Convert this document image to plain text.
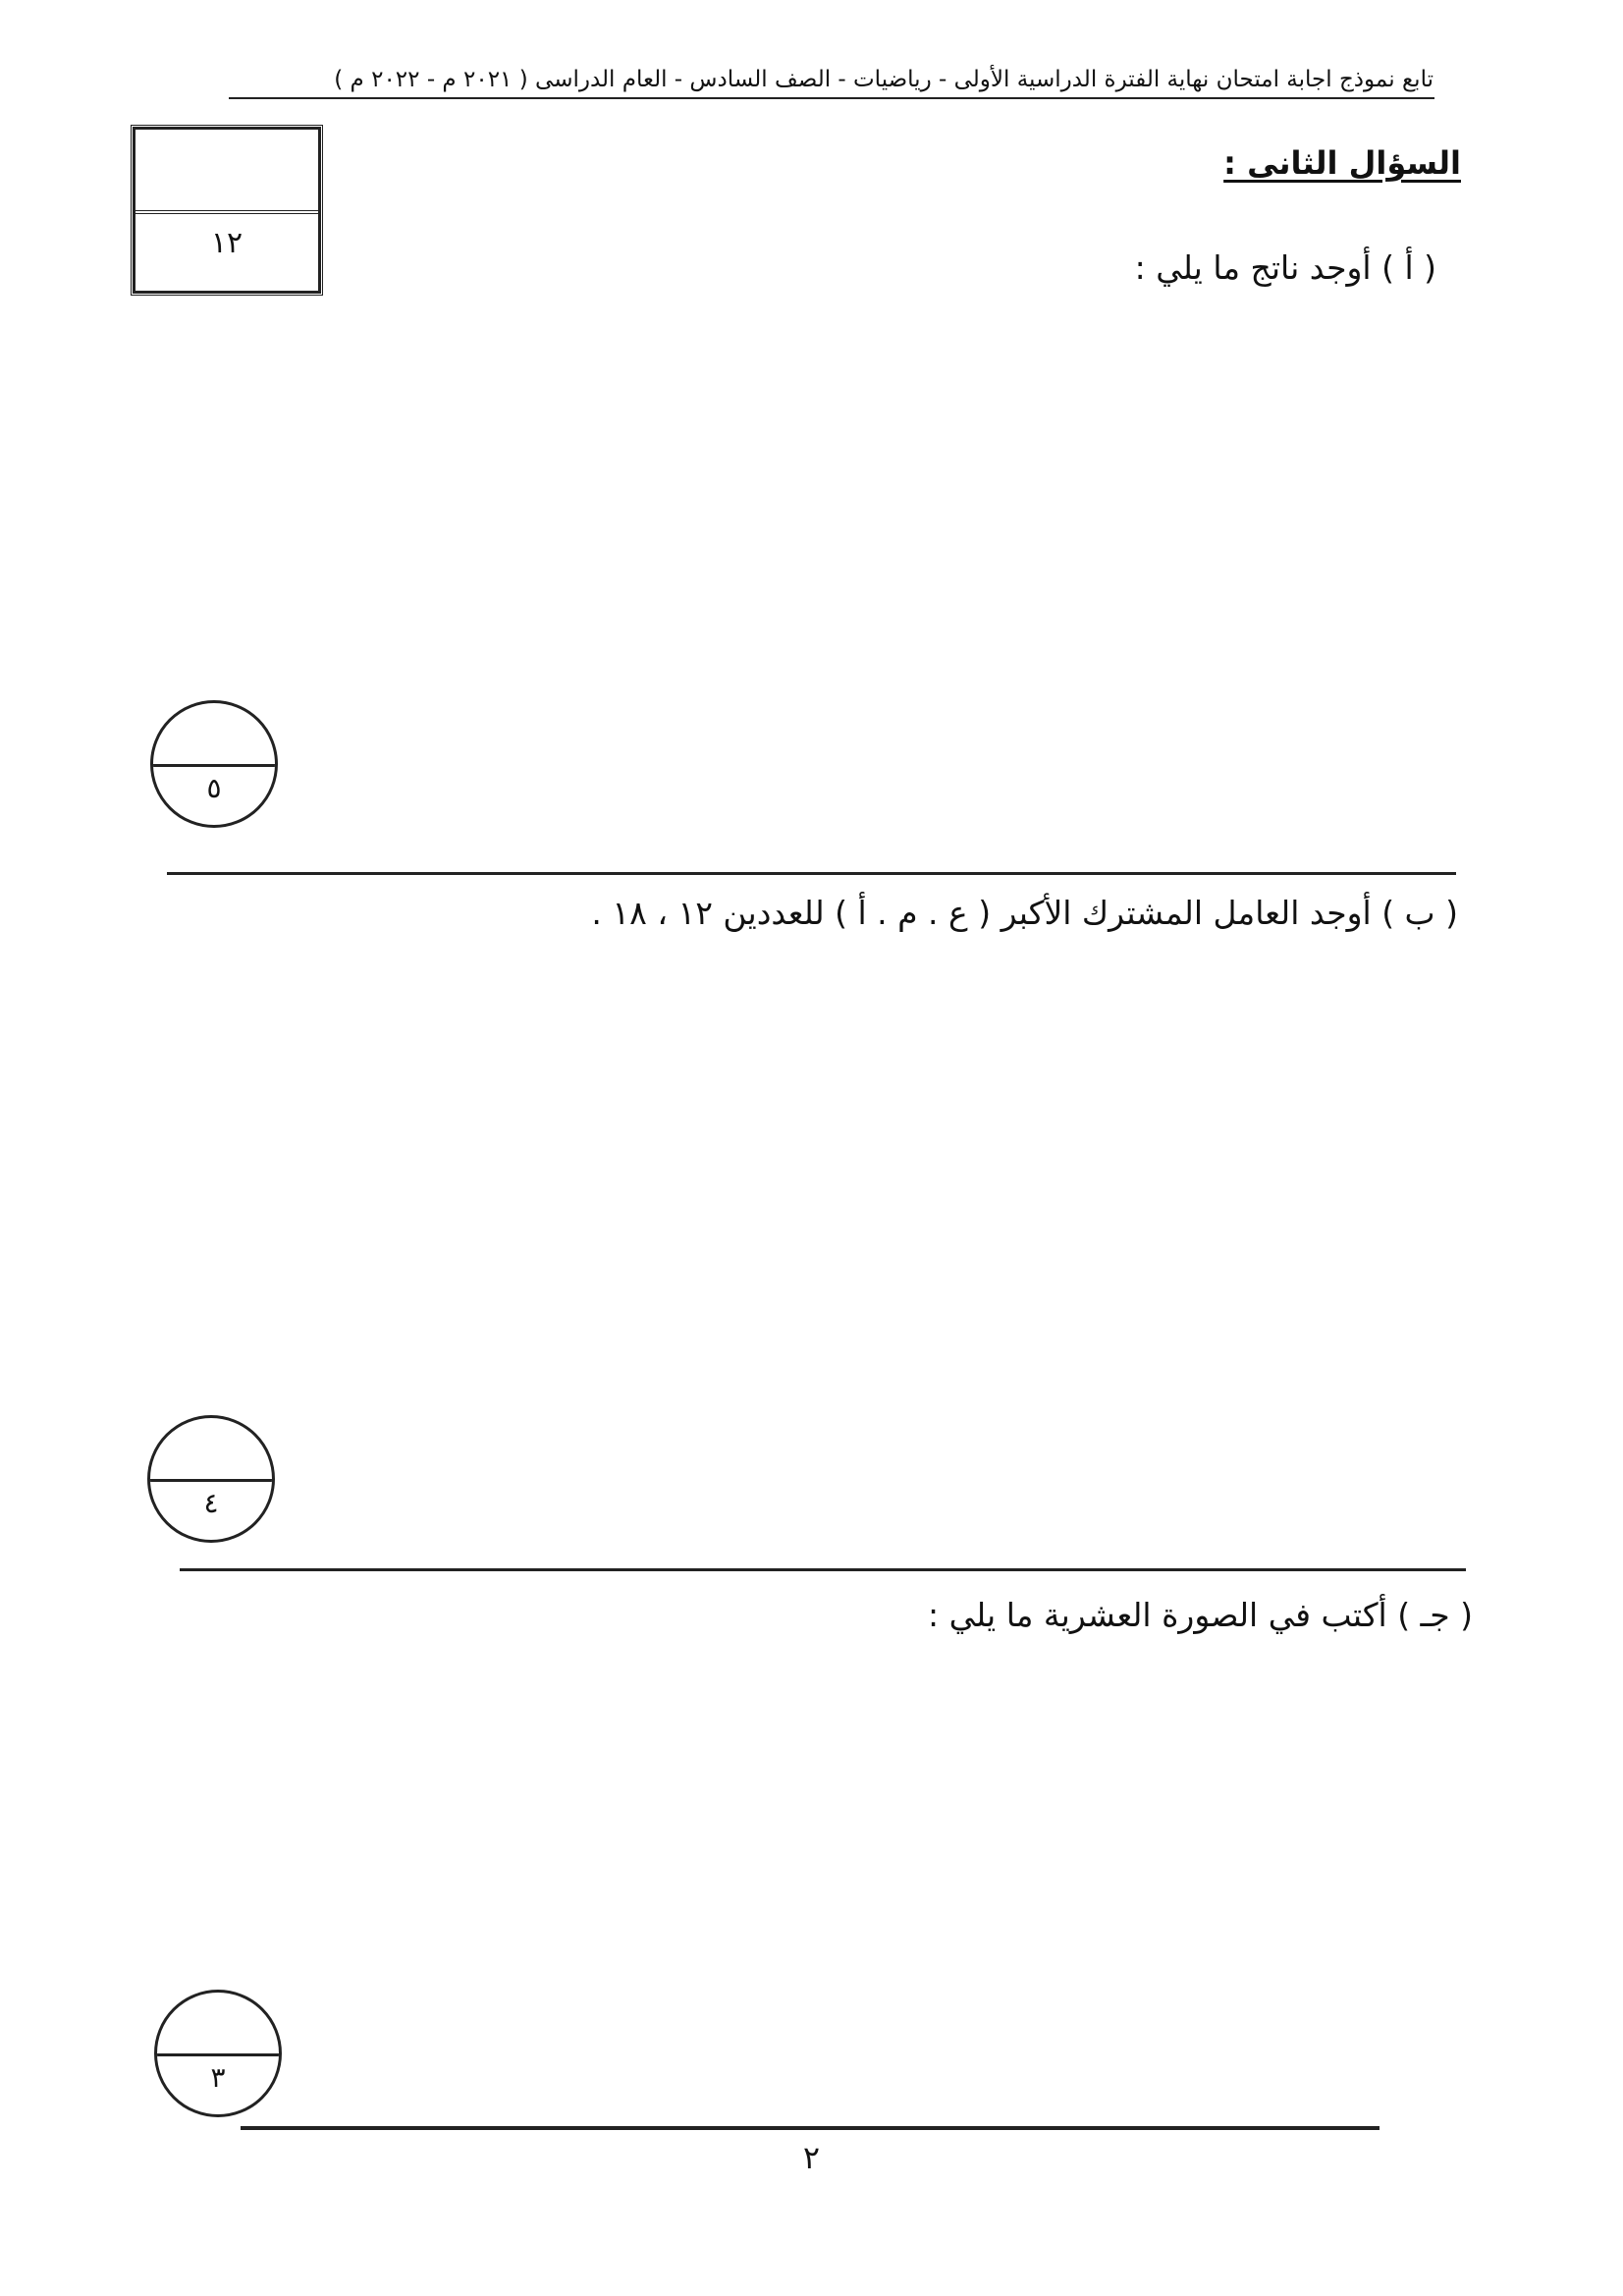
تابع نموذج اجابة امتحان نهاية الفترة الدراسية الأولى - رياضيات - الصف السادس - العام الدراسى ( ٢٠٢١ م - ٢٠٢٢ م )
١٢
السؤال الثانى :
( أ ) أوجد ناتج ما يلي :
٥
( ب ) أوجد العامل المشترك الأكبر ( ع . م . أ ) للعددين ١٢ ، ١٨ .
٤
( جـ ) أكتب في الصورة العشرية ما يلي :
٣
٢
